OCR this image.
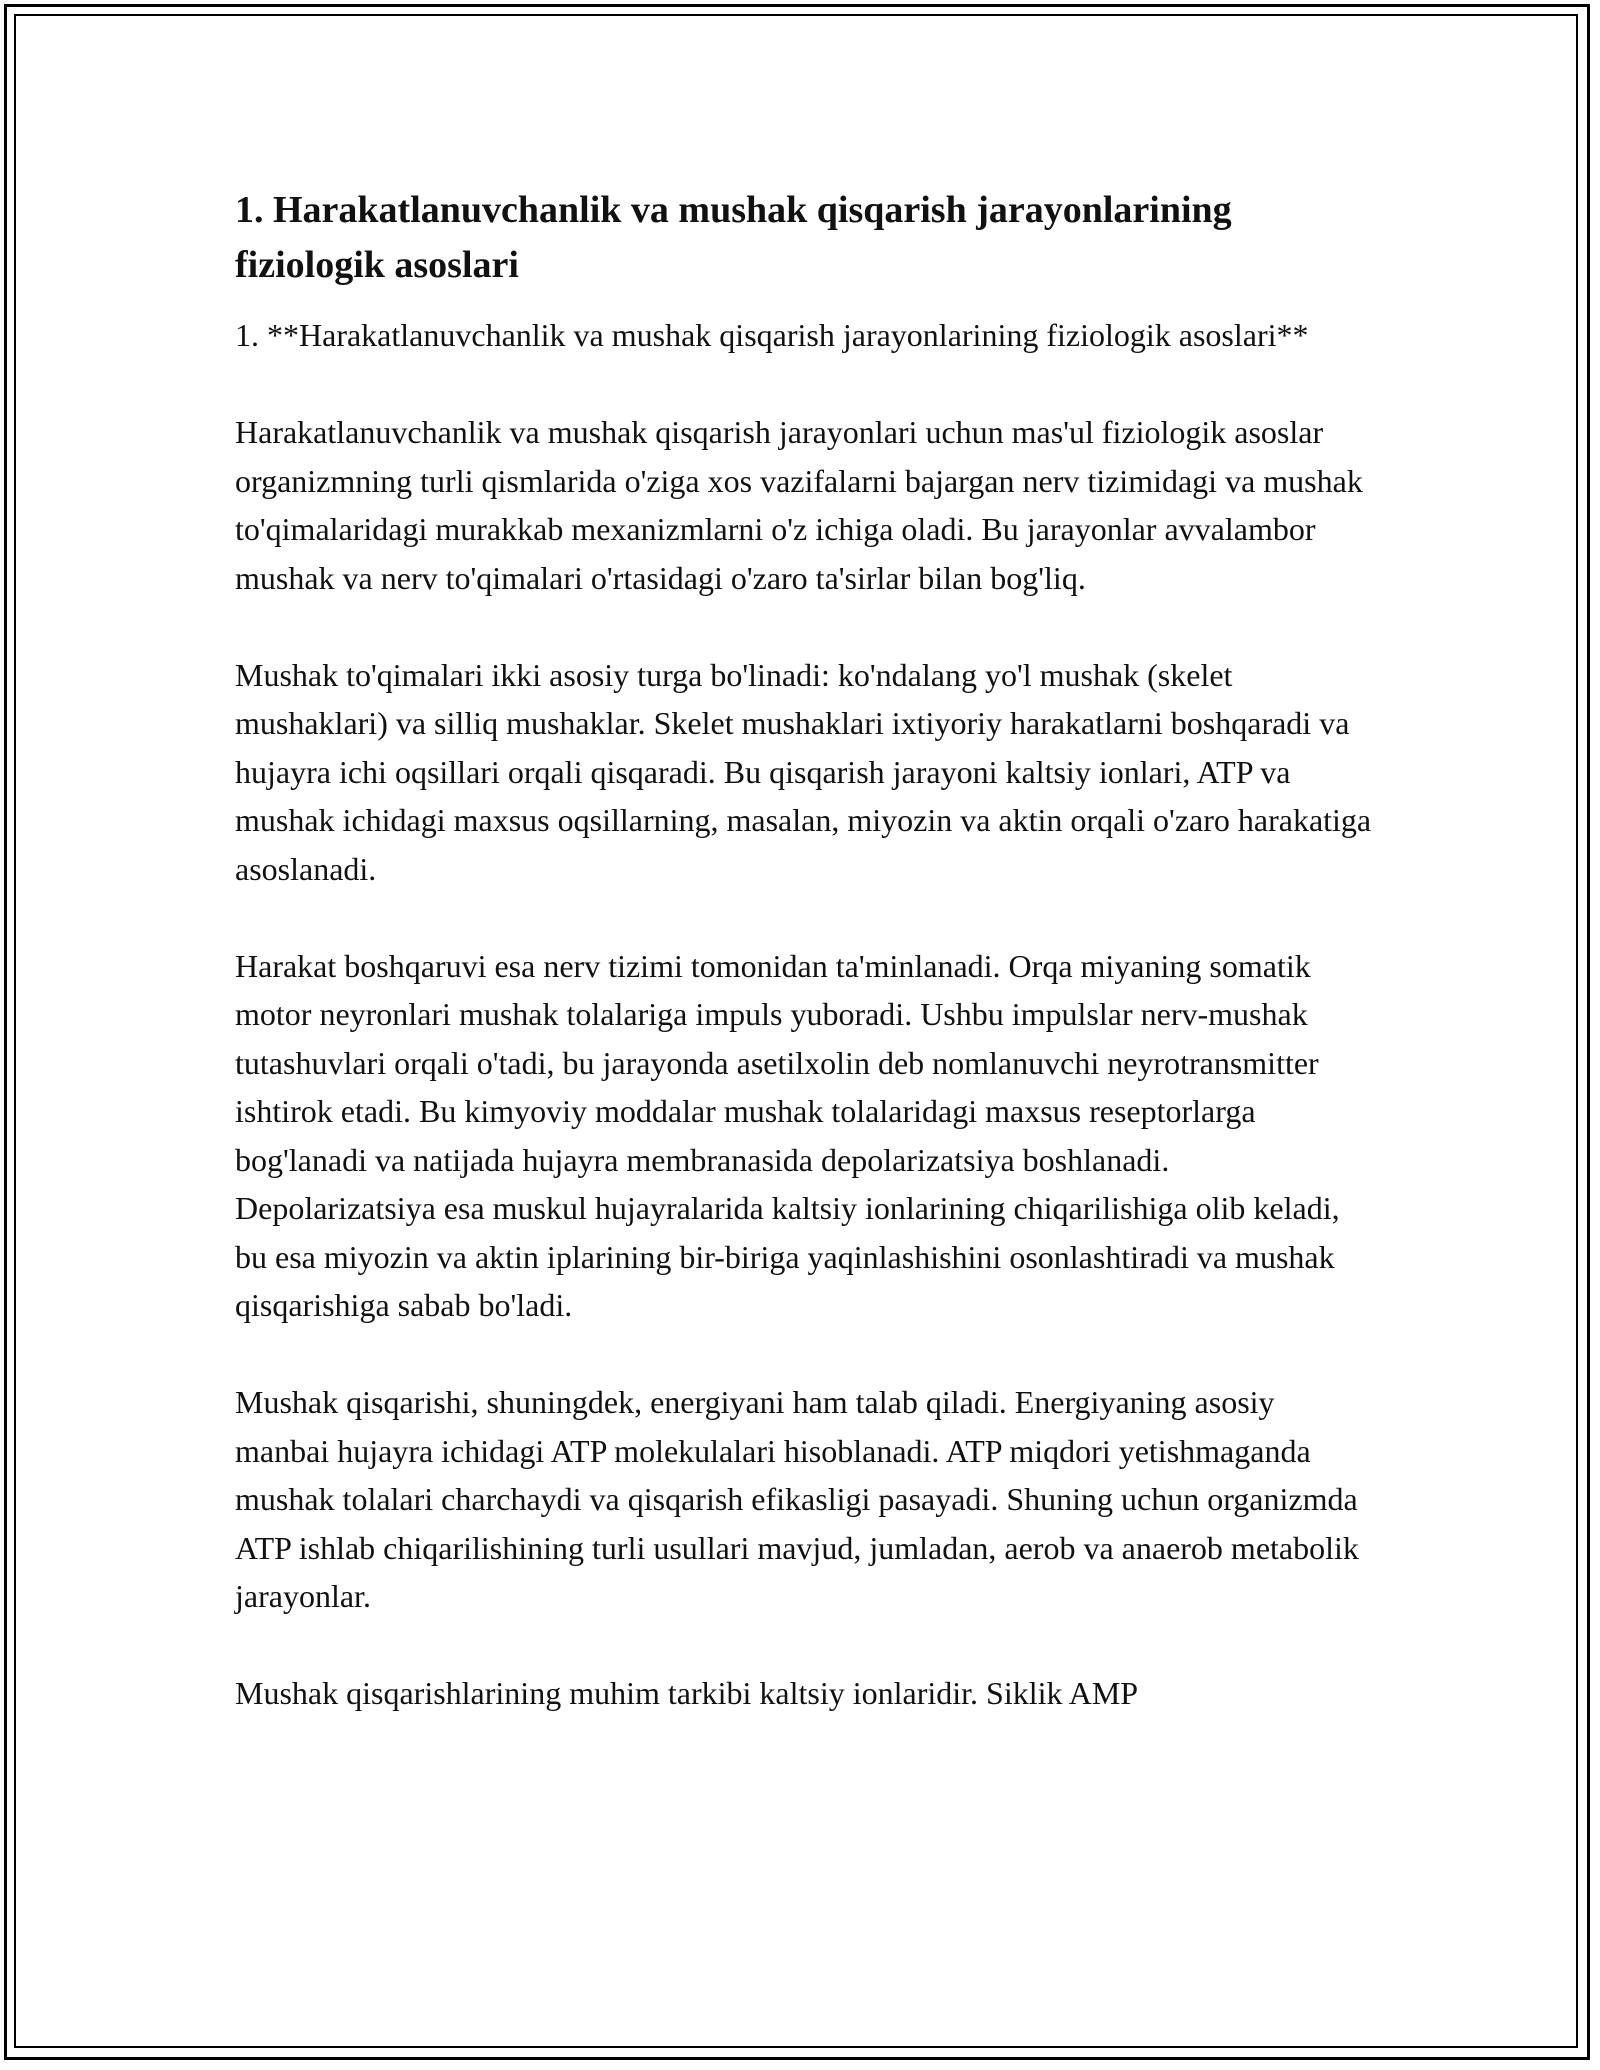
1. Harakatlanuvchanlik va mushak qisqarish jarayonlarining fiziologik asoslari

1. **Harakatlanuvchanlik va mushak qisqarish jarayonlarining fiziologik asoslari**

Harakatlanuvchanlik va mushak qisqarish jarayonlari uchun mas'ul fiziologik asoslar organizmning turli qismlarida o'ziga xos vazifalarni bajargan nerv tizimidagi va mushak to'qimalaridagi murakkab mexanizmlarni o'z ichiga oladi. Bu jarayonlar avvalambor mushak va nerv to'qimalari o'rtasidagi o'zaro ta'sirlar bilan bog'liq.

Mushak to'qimalari ikki asosiy turga bo'linadi: ko'ndalang yo'l mushak (skelet mushaklari) va silliq mushaklar. Skelet mushaklari ixtiyoriy harakatlarni boshqaradi va hujayra ichi oqsillari orqali qisqaradi. Bu qisqarish jarayoni kaltsiy ionlari, ATP va mushak ichidagi maxsus oqsillarning, masalan, miyozin va aktin orqali o'zaro harakatiga asoslanadi.

Harakat boshqaruvi esa nerv tizimi tomonidan ta'minlanadi. Orqa miyaning somatik motor neyronlari mushak tolalariga impuls yuboradi. Ushbu impulslar nerv-mushak tutashuvlari orqali o'tadi, bu jarayonda asetilxolin deb nomlanuvchi neyrotransmitter ishtirok etadi. Bu kimyoviy moddalar mushak tolalaridagi maxsus reseptorlarga bog'lanadi va natijada hujayra membranasida depolarizatsiya boshlanadi. Depolarizatsiya esa muskul hujayralarida kaltsiy ionlarining chiqarilishiga olib keladi, bu esa miyozin va aktin iplarining bir-biriga yaqinlashishini osonlashtiradi va mushak qisqarishiga sabab bo'ladi.

Mushak qisqarishi, shuningdek, energiyani ham talab qiladi. Energiyaning asosiy manbai hujayra ichidagi ATP molekulalari hisoblanadi. ATP miqdori yetishmaganda mushak tolalari charchaydi va qisqarish efikasligi pasayadi. Shuning uchun organizmda ATP ishlab chiqarilishining turli usullari mavjud, jumladan, aerob va anaerob metabolik jarayonlar.

Mushak qisqarishlarining muhim tarkibi kaltsiy ionlaridir. Siklik AMP
